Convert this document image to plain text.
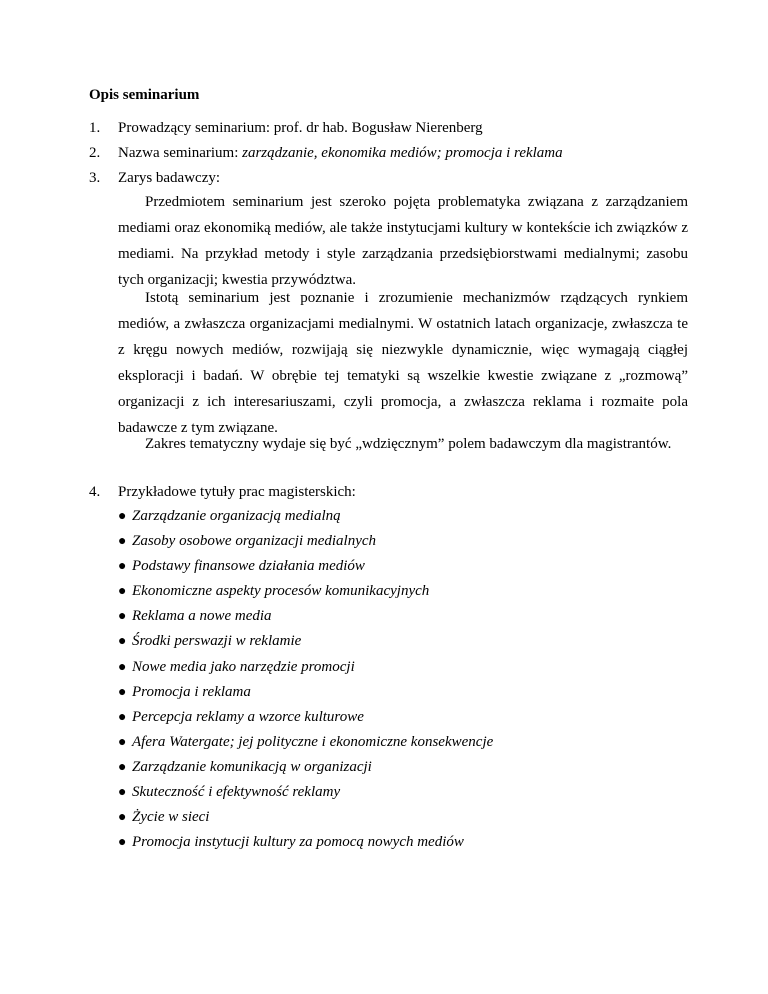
Opis seminarium
1. Prowadzący seminarium: prof. dr hab. Bogusław Nierenberg
2. Nazwa seminarium: zarządzanie, ekonomika mediów; promocja i reklama
3. Zarys badawczy:

Przedmiotem seminarium jest szeroko pojęta problematyka związana z zarządzaniem mediami oraz ekonomiką mediów, ale także instytucjami kultury w kontekście ich związków z mediami. Na przykład metody i style zarządzania przedsiębiorstwami medialnymi; zasobu tych organizacji; kwestia przywództwa.

Istotą seminarium jest poznanie i zrozumienie mechanizmów rządzących rynkiem mediów, a zwłaszcza organizacjami medialnymi. W ostatnich latach organizacje, zwłaszcza te z kręgu nowych mediów, rozwijają się niezwykle dynamicznie, więc wymagają ciągłej eksploracji i badań. W obrębie tej tematyki są wszelkie kwestie związane z „rozmową” organizacji z ich interesariuszami, czyli promocja, a zwłaszcza reklama i rozmaite pola badawcze z tym związane.

Zakres tematyczny wydaje się być „wdzięcznym” polem badawczym dla magistrantów.

4. Przykładowe tytuły prac magisterskich:
● Zarządzanie organizacją medialną
● Zasoby osobowe organizacji medialnych
● Podstawy finansowe działania mediów
● Ekonomiczne aspekty procesów komunikacyjnych
● Reklama a nowe media
● Środki perswazji w reklamie
● Nowe media jako narzędzie promocji
● Promocja i reklama
● Percepcja reklamy a wzorce kulturowe
● Afera Watergate; jej polityczne i ekonomiczne konsekwencje
● Zarządzanie komunikacją w organizacji
● Skuteczność i efektywność reklamy
● Życie w sieci
● Promocja instytucji kultury za pomocą nowych mediów
